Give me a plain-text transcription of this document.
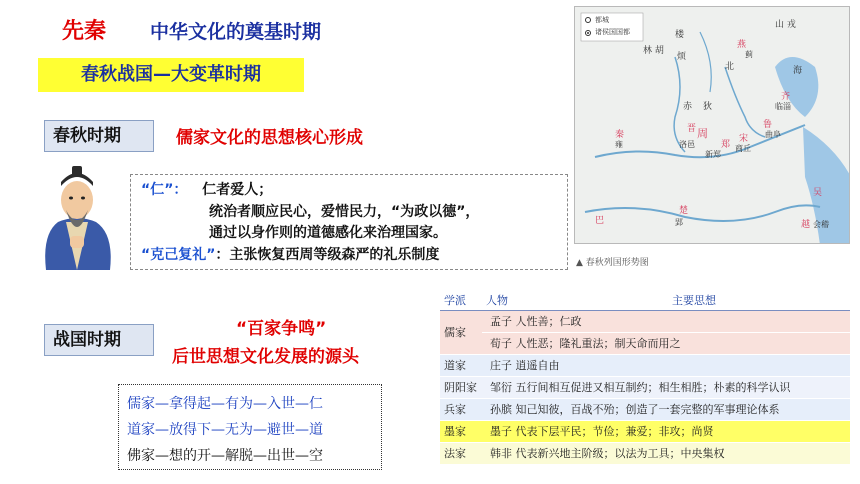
先秦 中华文化的奠基时期
春秋战国—大变革时期
春秋时期	儒家文化的思想核心形成
“仁”： 仁者爱人；
统治者顺应民心，爱惜民力，“为政以德”，
通过以身作则的道德感化来治理国家。
“克己复礼”：主张恢复西周等级森严的礼乐制度
战国时期
“百家争鸣”
后世思想文化发展的源头
儒家—拿得起—有为—入世—仁
道家—放得下—无为—避世—道
佛家—想的开—解脱—出世—空
都城
诸侯国国都
山 戎
楼
林 胡
烦
燕
蓟
齐
临淄
鲁
曲阜
赤 狄
晋 周
洛邑	郑
新郑
宋
商丘
秦
雍
楚
郢
吴
越 会稽
巴
北	海
▲ 春秋列国形势图
学派	人物	主要思想
儒家	孟子 人性善；仁政	
	荀子 人性恶；隆礼重法；制天命而用之	
道家	庄子 逍遥自由	
阴阳家	邹衍 五行间相互促进又相互制约；相生相胜；朴素的科学认识	
兵家	孙膑 知己知彼，百战不殆；创造了一套完整的军事理论体系	
墨家	墨子 代表下层平民；节俭；兼爱；非攻；尚贤	
法家	韩非 代表新兴地主阶级；以法为工具；中央集权	
